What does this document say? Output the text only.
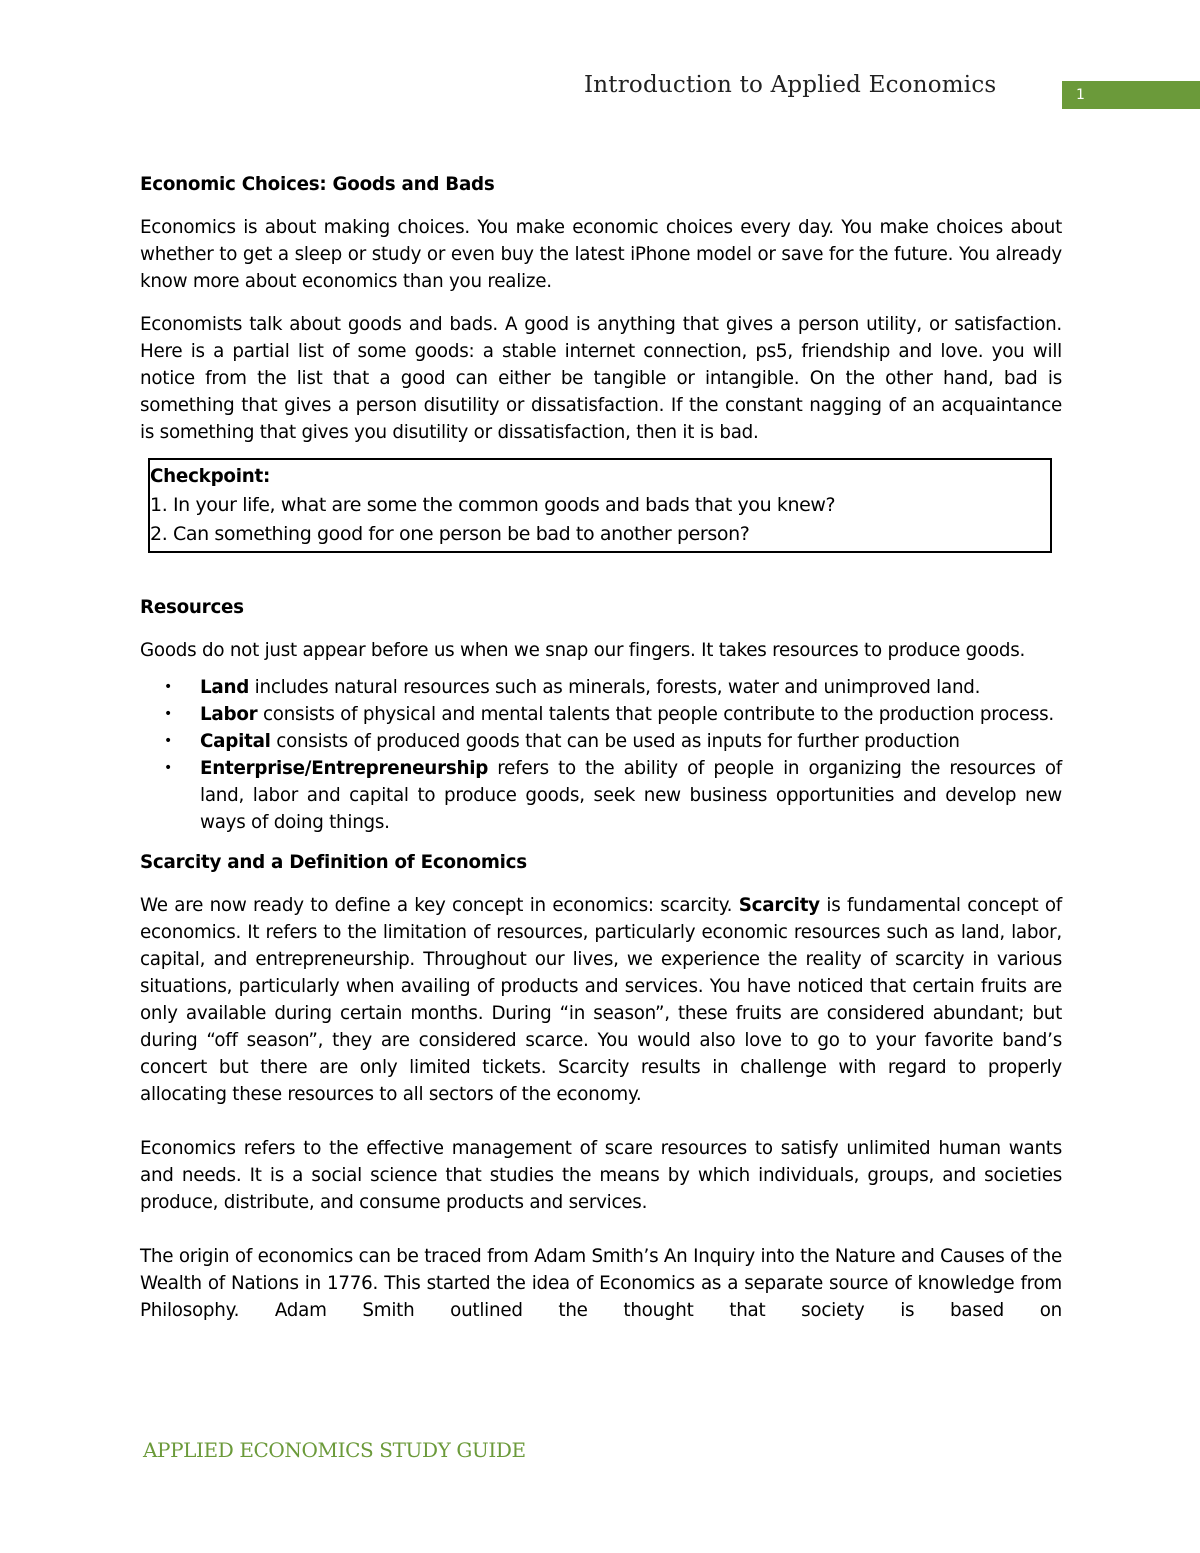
Introduction to Applied Economics	1
Economic Choices: Goods and Bads

Economics is about making choices. You make economic choices every day. You make choices about whether to get a sleep or study or even buy the latest iPhone model or save for the future. You already know more about economics than you realize.

Economists talk about goods and bads. A good is anything that gives a person utility, or satisfaction. Here is a partial list of some goods: a stable internet connection, ps5, friendship and love. you will notice from the list that a good can either be tangible or intangible. On the other hand, bad is something that gives a person disutility or dissatisfaction. If the constant nagging of an acquaintance is something that gives you disutility or dissatisfaction, then it is bad.

Checkpoint:
1. In your life, what are some the common goods and bads that you knew?
2. Can something good for one person be bad to another person?
Resources

Goods do not just appear before us when we snap our fingers. It takes resources to produce goods.

• Land includes natural resources such as minerals, forests, water and unimproved land.
• Labor consists of physical and mental talents that people contribute to the production process.
• Capital consists of produced goods that can be used as inputs for further production
• Enterprise/Entrepreneurship refers to the ability of people in organizing the resources of land, labor and capital to produce goods, seek new business opportunities and develop new ways of doing things.
Scarcity and a Definition of Economics

We are now ready to define a key concept in economics: scarcity. Scarcity is fundamental concept of economics. It refers to the limitation of resources, particularly economic resources such as land, labor, capital, and entrepreneurship. Throughout our lives, we experience the reality of scarcity in various situations, particularly when availing of products and services. You have noticed that certain fruits are only available during certain months. During “in season”, these fruits are considered abundant; but during “off season”, they are considered scarce. You would also love to go to your favorite band’s concert but there are only limited tickets. Scarcity results in challenge with regard to properly allocating these resources to all sectors of the economy.

Economics refers to the effective management of scare resources to satisfy unlimited human wants and needs. It is a social science that studies the means by which individuals, groups, and societies produce, distribute, and consume products and services.

The origin of economics can be traced from Adam Smith’s An Inquiry into the Nature and Causes of the Wealth of Nations in 1776. This started the idea of Economics as a separate source of knowledge from Philosophy. Adam Smith outlined the thought that society is based on

APPLIED ECONOMICS STUDY GUIDE
